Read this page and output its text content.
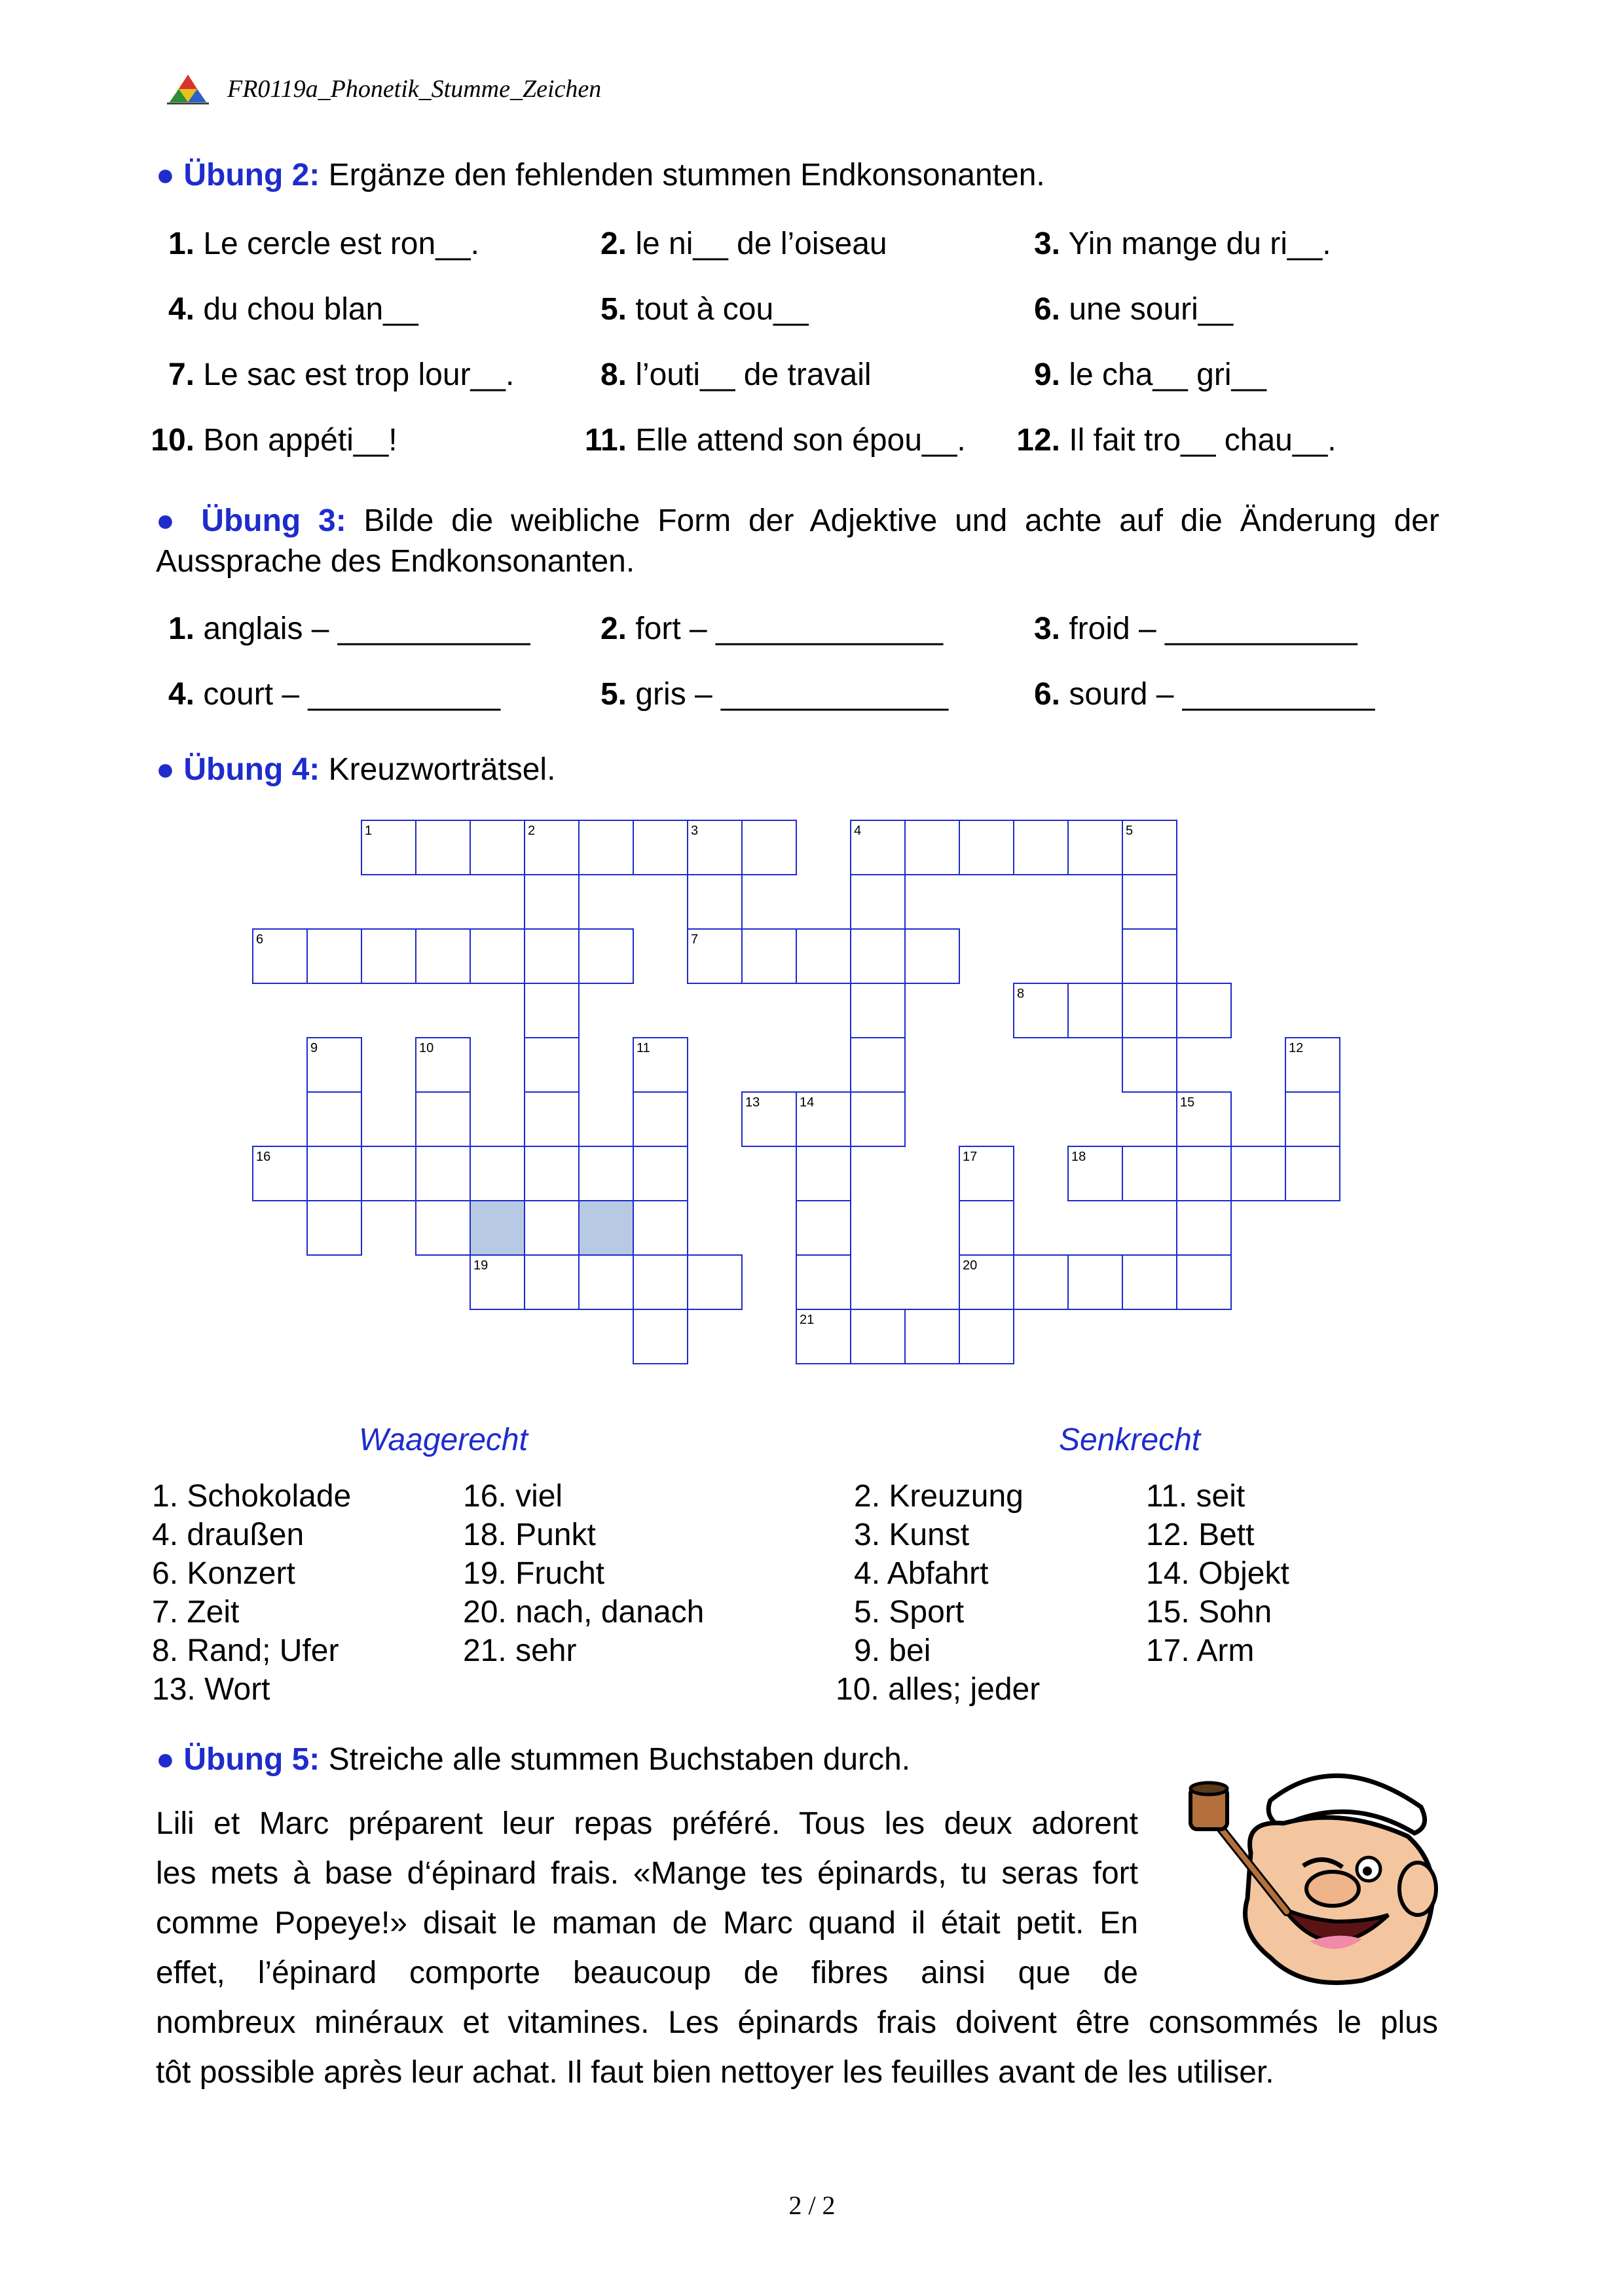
FR0119a_Phonetik_Stumme_Zeichen
● Übung 2: Ergänze den fehlenden stummen Endkonsonanten.
1. Le cercle est ron__.	2. le ni__ de l’oiseau	3. Yin mange du ri__.
4. du chou blan__	5. tout à cou__	6. une souri__
7. Le sac est trop lour__.	8. l’outi__ de travail	9. le cha__ gri__
10. Bon appéti__!	11. Elle attend son épou__. 12. Il fait tro__ chau__.
● Übung 3: Bilde die weibliche Form der Adjektive und achte auf die Änderung der Aussprache des Endkonsonanten.
1. anglais – ___________	2. fort – _____________	3. froid – ___________
4. court – ___________	5. gris – _____________	6. sourd – ___________
● Übung 4: Kreuzworträtsel.
1	2	3	4	5
6	7
8
9	10	11	12
13	14	15
16	17	18
19	20
21
Waagerecht	Senkrecht
1. Schokolade
4. draußen
6. Konzert
7. Zeit
8. Rand; Ufer
13. Wort
16. viel
18. Punkt
19. Frucht
20. nach, danach
21. sehr
2. Kreuzung
3. Kunst
4. Abfahrt
5. Sport
9. bei
10. alles; jeder
11. seit
12. Bett
14. Objekt
15. Sohn
17. Arm
● Übung 5: Streiche alle stummen Buchstaben durch.
Lili et Marc préparent leur repas préféré. Tous les deux adorent
les mets à base d‘épinard frais. «Mange tes épinards, tu seras fort
comme Popeye!» disait le maman de Marc quand il était petit. En
effet, l’épinard comporte beaucoup de fibres ainsi que de
nombreux minéraux et vitamines. Les épinards frais doivent être consommés le plus
tôt possible après leur achat. Il faut bien nettoyer les feuilles avant de les utiliser.
2 / 2
